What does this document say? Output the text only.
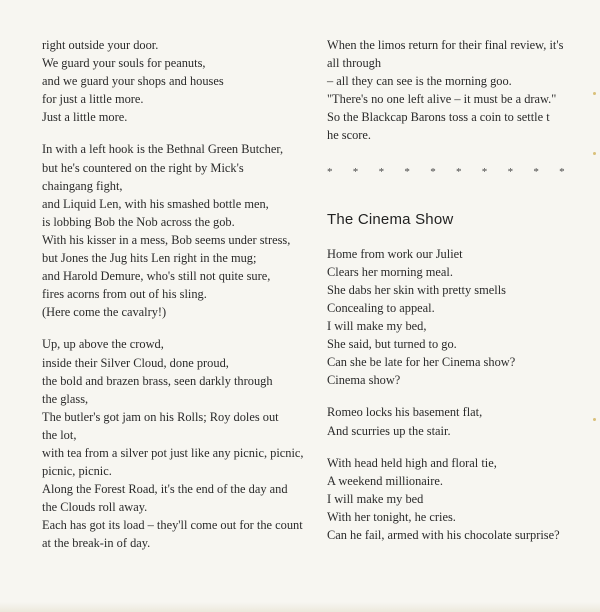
right outside your door.
We guard your souls for peanuts,
and we guard your shops and houses
for just a little more.
Just a little more.
In with a left hook is the Bethnal Green Butcher,
but he's countered on the right by Mick's
chaingang fight,
and Liquid Len, with his smashed bottle men,
is lobbing Bob the Nob across the gob.
With his kisser in a mess, Bob seems under stress,
but Jones the Jug hits Len right in the mug;
and Harold Demure, who's still not quite sure,
fires acorns from out of his sling.
(Here come the cavalry!)
Up, up above the crowd,
inside their Silver Cloud, done proud,
the bold and brazen brass, seen darkly through
the glass,
The butler's got jam on his Rolls; Roy doles out
the lot,
with tea from a silver pot just like any picnic, picnic,
picnic, picnic.
Along the Forest Road, it's the end of the day and
the Clouds roll away.
Each has got its load – they'll come out for the count
at the break-in of day.
When the limos return for their final review, it's
all through
– all they can see is the morning goo.
"There's no one left alive – it must be a draw."
So the Blackcap Barons toss a coin to settle t
he score.
*	*	*	*	*	*	*	*	*	*
The Cinema Show
Home from work our Juliet
Clears her morning meal.
She dabs her skin with pretty smells
Concealing to appeal.
I will make my bed,
She said, but turned to go.
Can she be late for her Cinema show?
Cinema show?
Romeo locks his basement flat,
And scurries up the stair.
With head held high and floral tie,
A weekend millionaire.
I will make my bed
With her tonight, he cries.
Can he fail, armed with his chocolate surprise?
